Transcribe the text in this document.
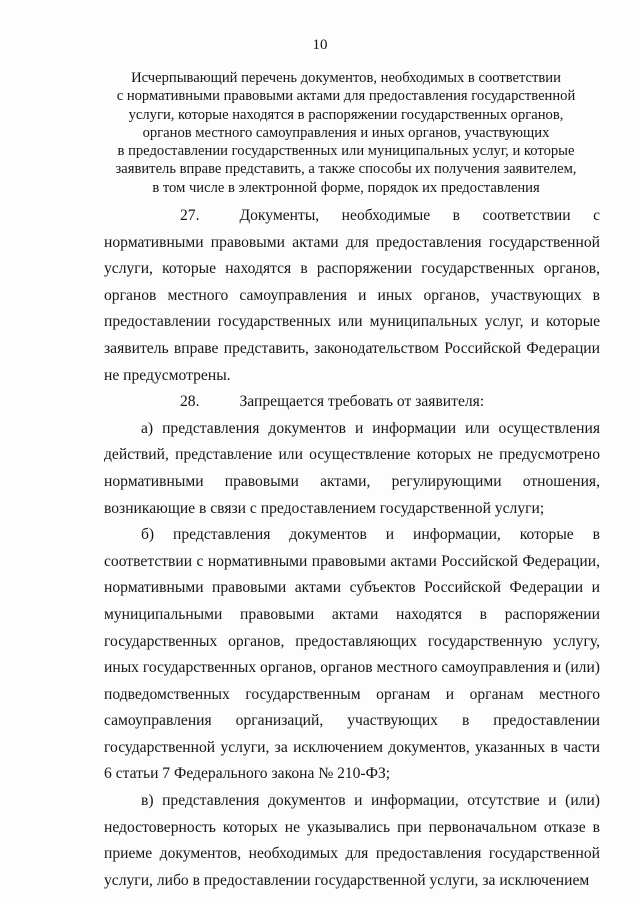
10
Исчерпывающий перечень документов, необходимых в соответствии
с нормативными правовыми актами для предоставления государственной
услуги, которые находятся в распоряжении государственных органов,
органов местного самоуправления и иных органов, участвующих
в предоставлении государственных или муниципальных услуг, и которые
заявитель вправе представить, а также способы их получения заявителем,
в том числе в электронной форме, порядок их предоставления

27.	Документы, необходимые в соответствии с нормативными правовыми актами для предоставления государственной услуги, которые находятся в распоряжении государственных органов, органов местного самоуправления и иных органов, участвующих в предоставлении государственных или муниципальных услуг, и которые заявитель вправе представить, законодательством Российской Федерации не предусмотрены.

28.	Запрещается требовать от заявителя:

а) представления документов и информации или осуществления действий, представление или осуществление которых не предусмотрено нормативными правовыми актами, регулирующими отношения, возникающие в связи с предоставлением государственной услуги;

б) представления документов и информации, которые в соответствии с нормативными правовыми актами Российской Федерации, нормативными правовыми актами субъектов Российской Федерации и муниципальными правовыми актами находятся в распоряжении государственных органов, предоставляющих государственную услугу, иных государственных органов, органов местного самоуправления и (или) подведомственных государственным органам и органам местного самоуправления организаций, участвующих в предоставлении государственной услуги, за исключением документов, указанных в части 6 статьи 7 Федерального закона № 210-ФЗ;

в) представления документов и информации, отсутствие и (или) недостоверность которых не указывались при первоначальном отказе в приеме документов, необходимых для предоставления государственной услуги, либо в предоставлении государственной услуги, за исключением
